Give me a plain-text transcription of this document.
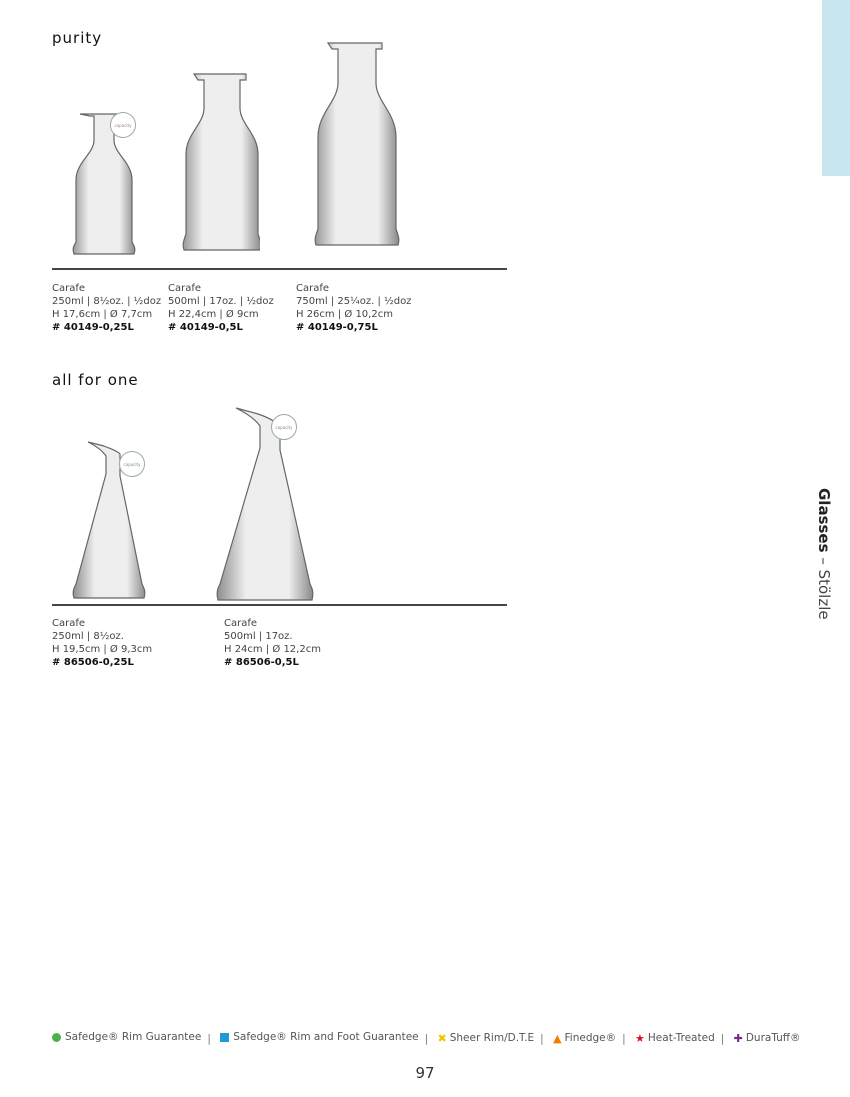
Glasses – Stölzle
purity
capacity
Carafe
250ml | 8½oz. | ½doz
H 17,6cm | Ø 7,7cm
# 40149-0,25L
Carafe
500ml | 17oz. | ½doz
H 22,4cm | Ø 9cm
# 40149-0,5L
Carafe
750ml | 25¼oz. | ½doz
H 26cm | Ø 10,2cm
# 40149-0,75L
all for one
capacity
capacity
Carafe
250ml | 8½oz.
H 19,5cm | Ø 9,3cm
# 86506-0,25L
Carafe
500ml | 17oz.
H 24cm | Ø 12,2cm
# 86506-0,5L
Safedge® Rim Guarantee | Safedge® Rim and Foot Guarantee | ✖ Sheer Rim/D.T.E | ▲ Finedge® | ★ Heat-Treated | ✚ DuraTuff®
97
